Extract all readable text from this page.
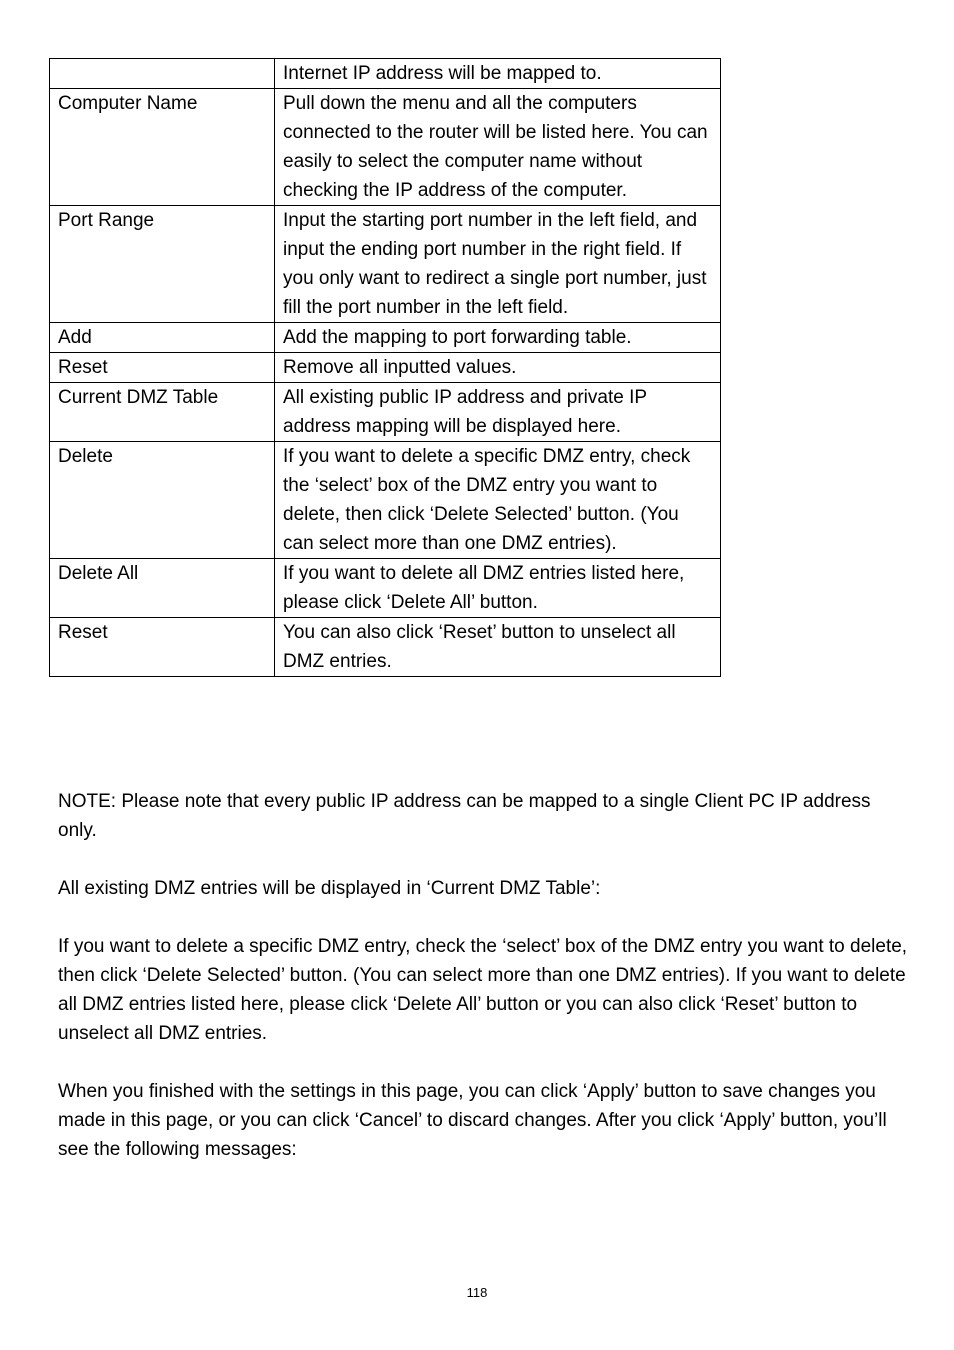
	Internet IP address will be mapped to.
Computer Name	Pull down the menu and all the computers connected to the router will be listed here. You can easily to select the computer name without checking the IP address of the computer.
Port Range	Input the starting port number in the left field, and input the ending port number in the right field. If you only want to redirect a single port number, just fill the port number in the left field.
Add	Add the mapping to port forwarding table.
Reset	Remove all inputted values.
Current DMZ Table	All existing public IP address and private IP address mapping will be displayed here.
Delete	If you want to delete a specific DMZ entry, check the ‘select’ box of the DMZ entry you want to delete, then click ‘Delete Selected’ button. (You can select more than one DMZ entries).
Delete All	If you want to delete all DMZ entries listed here, please click ‘Delete All’ button.
Reset	You can also click ‘Reset’ button to unselect all DMZ entries.

NOTE: Please note that every public IP address can be mapped to a single Client PC IP address only.

All existing DMZ entries will be displayed in ‘Current DMZ Table’:

If you want to delete a specific DMZ entry, check the ‘select’ box of the DMZ entry you want to delete, then click ‘Delete Selected’ button. (You can select more than one DMZ entries). If you want to delete all DMZ entries listed here, please click ‘Delete All’ button or you can also click ‘Reset’ button to unselect all DMZ entries.

When you finished with the settings in this page, you can click ‘Apply’ button to save changes you made in this page, or you can click ‘Cancel’ to discard changes. After you click ‘Apply’ button, you’ll see the following messages:

118
